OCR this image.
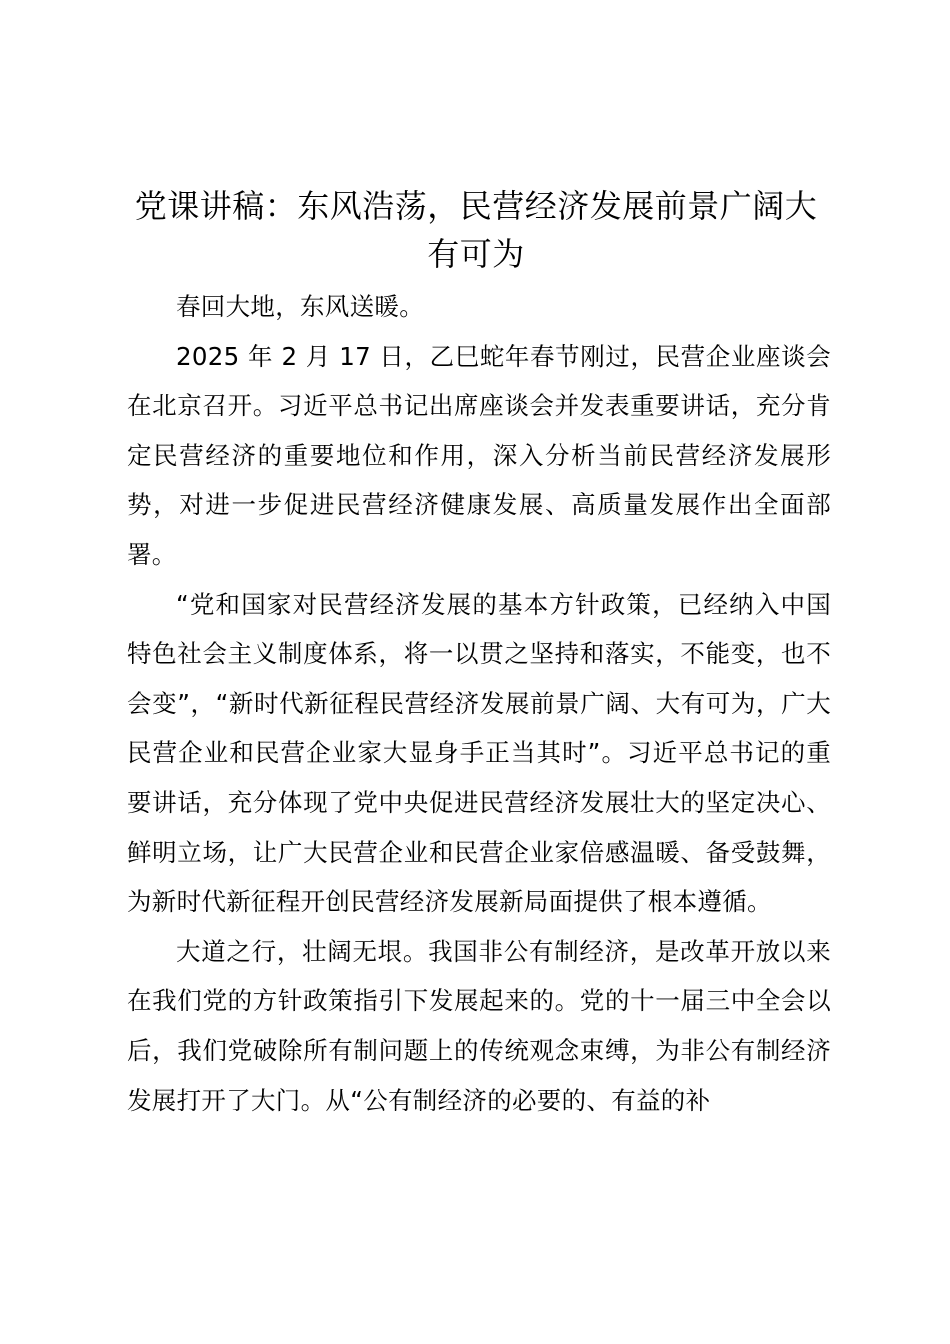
党课讲稿：东风浩荡，民营经济发展前景广阔大有可为

春回大地，东风送暖。

2025 年 2 月 17 日，乙巳蛇年春节刚过，民营企业座谈会在北京召开。习近平总书记出席座谈会并发表重要讲话，充分肯定民营经济的重要地位和作用，深入分析当前民营经济发展形势，对进一步促进民营经济健康发展、高质量发展作出全面部署。

“党和国家对民营经济发展的基本方针政策，已经纳入中国特色社会主义制度体系，将一以贯之坚持和落实，不能变，也不会变”，“新时代新征程民营经济发展前景广阔、大有可为，广大民营企业和民营企业家大显身手正当其时”。习近平总书记的重要讲话，充分体现了党中央促进民营经济发展壮大的坚定决心、鲜明立场，让广大民营企业和民营企业家倍感温暖、备受鼓舞，为新时代新征程开创民营经济发展新局面提供了根本遵循。

大道之行，壮阔无垠。我国非公有制经济，是改革开放以来在我们党的方针政策指引下发展起来的。党的十一届三中全会以后，我们党破除所有制问题上的传统观念束缚，为非公有制经济发展打开了大门。从“公有制经济的必要的、有益的补
